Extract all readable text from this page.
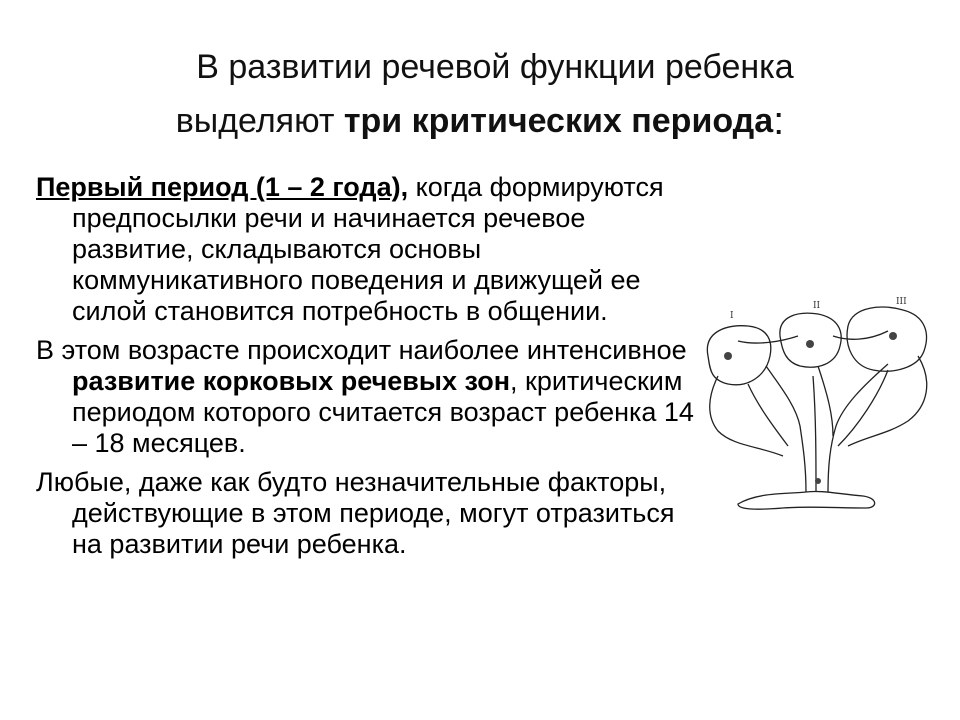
В развитии речевой функции ребенка
выделяют три критических периода:

Первый период (1 – 2 года), когда формируются предпосылки речи и начинается речевое развитие, складываются основы коммуникативного поведения и движущей ее силой становится потребность в общении.

В этом возрасте происходит наиболее интенсивное развитие корковых речевых зон, критическим периодом которого считается возраст ребенка 14 – 18 месяцев.

Любые, даже как будто незначительные факторы, действующие в этом периоде, могут отразиться на развитии речи ребенка.

I
II	III
